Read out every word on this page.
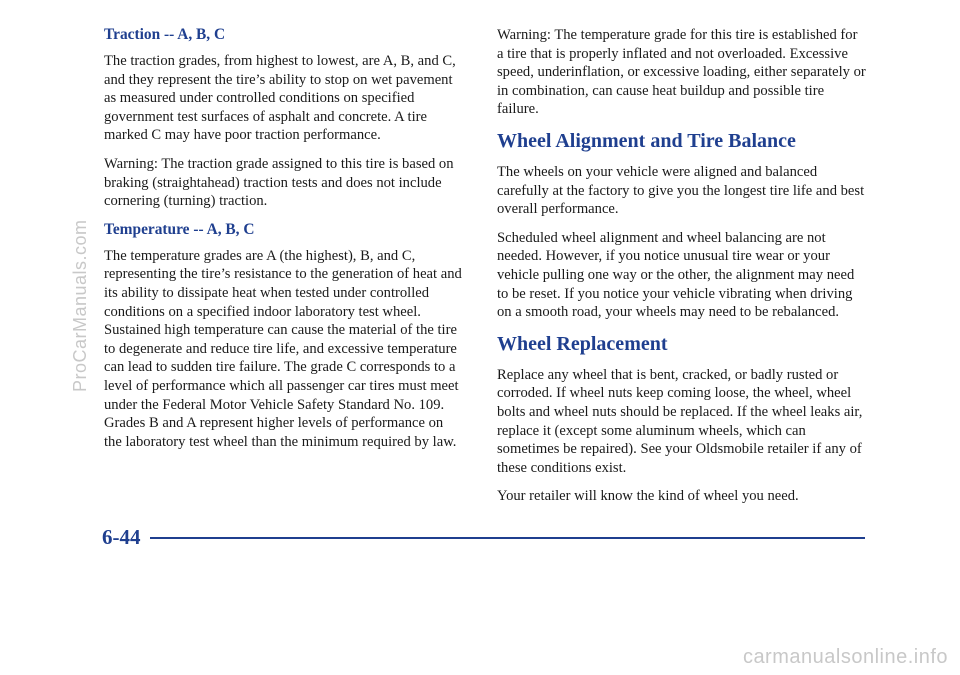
Traction -- A, B, C

The traction grades, from highest to lowest, are A, B, and C, and they represent the tire’s ability to stop on wet pavement as measured under controlled conditions on specified government test surfaces of asphalt and concrete. A tire marked C may have poor traction performance.

Warning: The traction grade assigned to this tire is based on braking (straightahead) traction tests and does not include cornering (turning) traction.

Temperature -- A, B, C

The temperature grades are A (the highest), B, and C, representing the tire’s resistance to the generation of heat and its ability to dissipate heat when tested under controlled conditions on a specified indoor laboratory test wheel. Sustained high temperature can cause the material of the tire to degenerate and reduce tire life, and excessive temperature can lead to sudden tire failure. The grade C corresponds to a level of performance which all passenger car tires must meet under the Federal Motor Vehicle Safety Standard No. 109. Grades B and A represent higher levels of performance on the laboratory test wheel than the minimum required by law.

Warning: The temperature grade for this tire is established for a tire that is properly inflated and not overloaded. Excessive speed, underinflation, or excessive loading, either separately or in combination, can cause heat buildup and possible tire failure.

Wheel Alignment and Tire Balance

The wheels on your vehicle were aligned and balanced carefully at the factory to give you the longest tire life and best overall performance.

Scheduled wheel alignment and wheel balancing are not needed. However, if you notice unusual tire wear or your vehicle pulling one way or the other, the alignment may need to be reset. If you notice your vehicle vibrating when driving on a smooth road, your wheels may need to be rebalanced.

Wheel Replacement

Replace any wheel that is bent, cracked, or badly rusted or corroded. If wheel nuts keep coming loose, the wheel, wheel bolts and wheel nuts should be replaced. If the wheel leaks air, replace it (except some aluminum wheels, which can sometimes be repaired). See your Oldsmobile retailer if any of these conditions exist.

Your retailer will know the kind of wheel you need.

6-44
ProCarManuals.com
carmanualsonline.info
